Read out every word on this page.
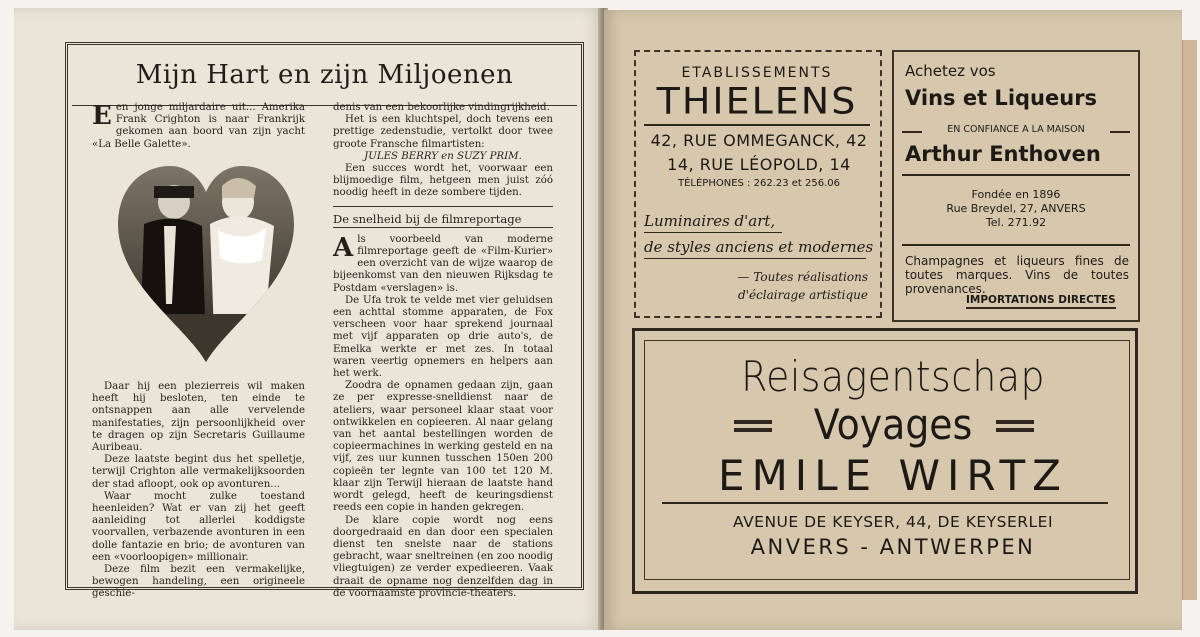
Mijn Hart en zijn Miljoenen

Een jonge miljardaire uit... Amerika Frank Crighton is naar Frankrijk gekomen aan boord van zijn yacht «La Belle Galette».

Daar hij een plezierreis wil maken heeft hij besloten, ten einde te ontsnappen aan alle vervelende manifestaties, zijn persoonlijkheid over te dragen op zijn Secretaris Guillaume Auribeau.

Deze laatste begint dus het spelletje, terwijl Crighton alle vermakelijksoorden der stad afloopt, ook op avonturen...

Waar mocht zulke toestand heenleiden? Wat er van zij het geeft aanleiding tot allerlei koddigste voorvallen, verbazende avonturen in een dolle fantazie en brio; de avonturen van een «voorloopigen» millionair.

Deze film bezit een vermakelijke, bewogen handeling, een origineele geschie-

denis van een bekoorlijke vindingrijkheid.

Het is een kluchtspel, doch tevens een prettige zedenstudie, vertolkt door twee groote Fransche filmartisten:

JULES BERRY en SUZY PRIM.

Een succes wordt het, voorwaar een blijmoedige film, hetgeen men juist zóó noodig heeft in deze sombere tijden.

De snelheid bij de filmreportage

Als voorbeeld van moderne filmreportage geeft de «Film-Kurier» een overzicht van de wijze waarop de bijeenkomst van den nieuwen Rijksdag te Postdam «verslagen» is.

De Ufa trok te velde met vier geluidsen een achttal stomme apparaten, de Fox verscheen voor haar sprekend journaal met vijf apparaten op drie auto's, de Emelka werkte er met zes. In totaal waren veertig opnemers en helpers aan het werk.

Zoodra de opnamen gedaan zijn, gaan ze per expresse-snelldienst naar de ateliers, waar personeel klaar staat voor ontwikkelen en copieeren. Al naar gelang van het aantal bestellingen worden de copieermachines in werking gesteld en na vijf, zes uur kunnen tusschen 150en 200 copieën ter legnte van 100 tet 120 M. klaar zijn Terwijl hieraan de laatste hand wordt gelegd, heeft de keuringsdienst reeds een copie in handen gekregen.

De klare copie wordt nog eens doorgedraaid en dan door een specialen dienst ten snelste naar de stations gebracht, waar sneltreinen (en zoo noodig vliegtuigen) ze verder expedieeren. Vaak draait de opname nog denzelfden dag in de voornaamste provincie-theaters.

ETABLISSEMENTS
THIELENS
42, RUE OMMEGANCK, 42
14, RUE LÉOPOLD, 14
TÉLÉPHONES : 262.23 et 256.06
Luminaires d'art,
de styles anciens et modernes
— Toutes réalisations
d'éclairage artistique
Achetez vos
Vins et Liqueurs
EN CONFIANCE A LA MAISON
Arthur Enthoven
Fondée en 1896
Rue Breydel, 27, ANVERS
Tel. 271.92
Champagnes et liqueurs fines de toutes marques. Vins de toutes provenances.
IMPORTATIONS DIRECTES
Reisagentschap
Voyages
EMILE WIRTZ
AVENUE DE KEYSER, 44, DE KEYSERLEI
ANVERS - ANTWERPEN
